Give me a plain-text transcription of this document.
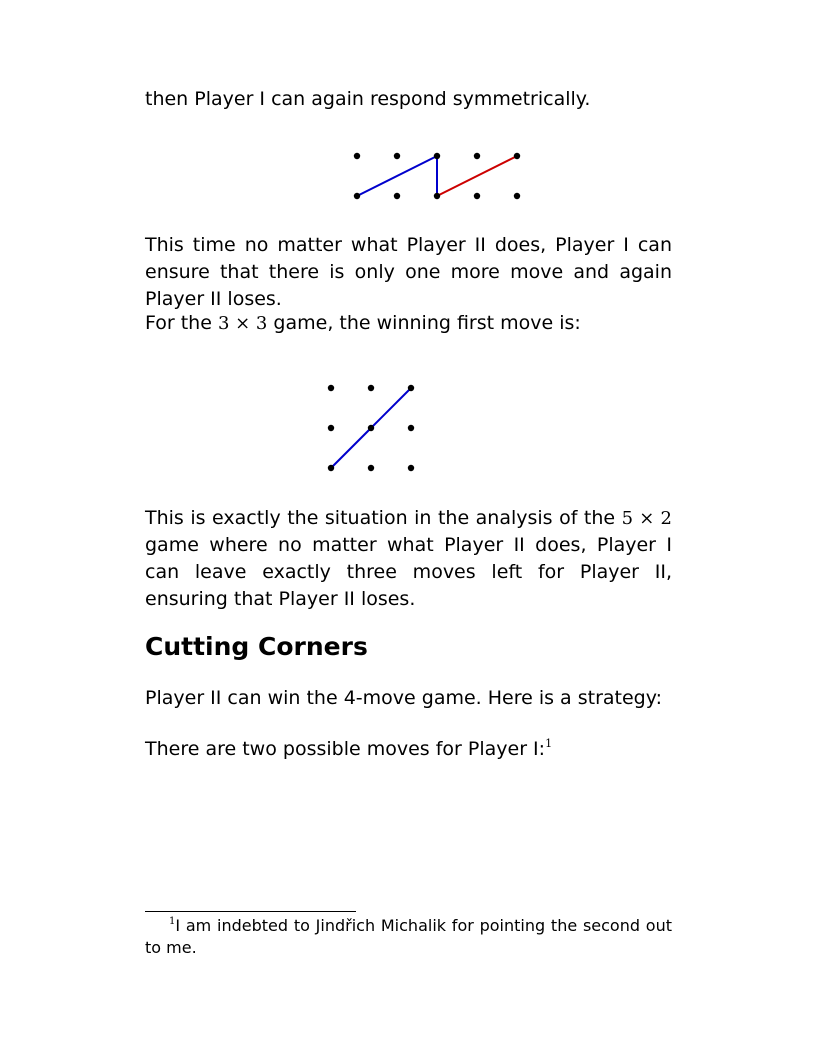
then Player I can again respond symmetrically.

This time no matter what Player II does, Player I can ensure that there is only one more move and again Player II loses.

For the 3 × 3 game, the winning first move is:

This is exactly the situation in the analysis of the 5 × 2 game where no matter what Player II does, Player I can leave exactly three moves left for Player II, ensuring that Player II loses.

Cutting Corners

Player II can win the 4-move game. Here is a strategy:

There are two possible moves for Player I:$^1$

$^1$I am indebted to Jindřich Michalik for pointing the second out to me.
